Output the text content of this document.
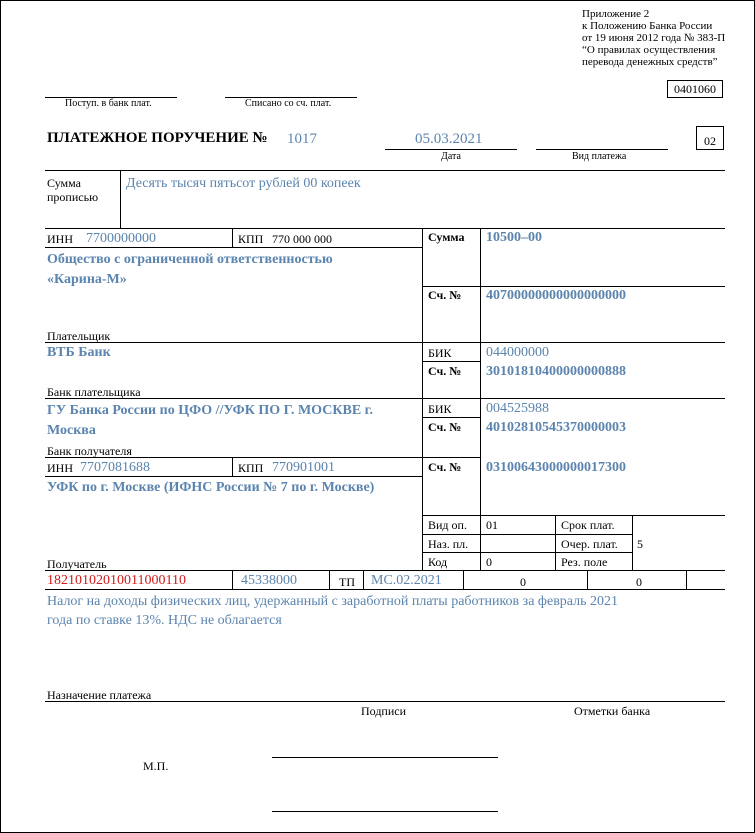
Приложение 2
к Положению Банка России
от 19 июня 2012 года № 383-П
“О правилах осуществления
перевода денежных средств”
0401060
Поступ. в банк плат.	Списано со сч. плат.
ПЛАТЕЖНОЕ ПОРУЧЕНИЕ № 1017	05.03.2021
Дата	Вид платежа
02
Сумма
прописью
Десять тысяч пятьсот рублей 00 копеек
ИНН 7700000000	КПП 770 000 000	Сумма 10500–00
Общество с ограниченной ответственностью
«Карина-М»
Сч. № 40700000000000000000
Плательщик
ВТБ Банк	БИК 044000000
Сч. № 30101810400000000888
Банк плательщика
ГУ Банка России по ЦФО //УФК ПО Г. МОСКВЕ г.
Москва
БИК 004525988
Сч. № 40102810545370000003
Банк получателя
ИНН 7707081688	КПП 770901001	Сч. № 03100643000000017300
УФК по г. Москве (ИФНС России № 7 по г. Москве)
Получатель
Вид оп. 01	Срок плат.
Наз. пл.	Очер. плат. 5
Код	0	Рез. поле
18210102010011000110	45338000	ТП МС.02.2021	0	0
Налог на доходы физических лиц, удержанный с заработной платы работников за февраль 2021
года по ставке 13%. НДС не облагается
Назначение платежа
Подписи	Отметки банка
М.П.
